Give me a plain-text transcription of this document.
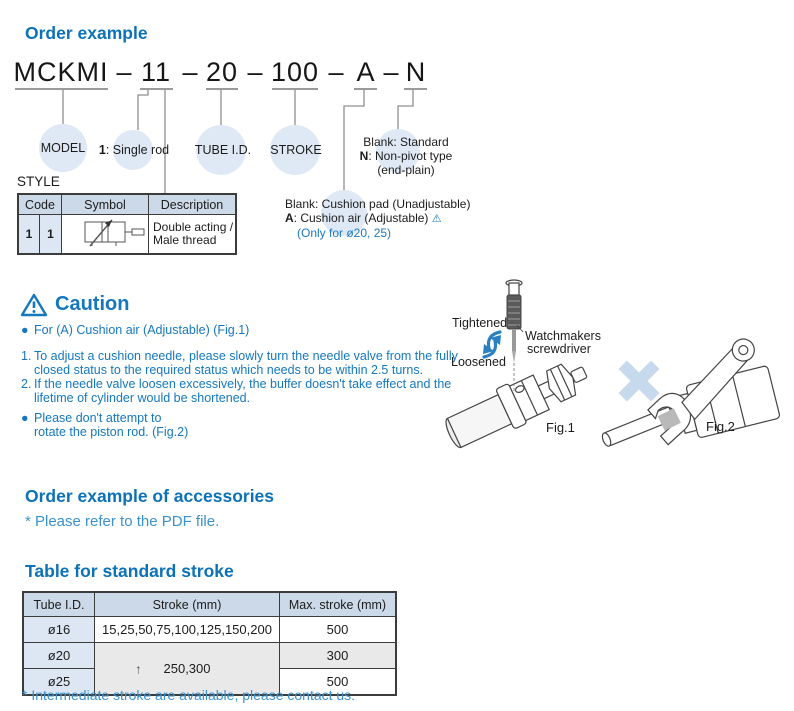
Order example
MCKMI – 11 – 20 – 100 – A – N
MODEL	1: Single rod	TUBE I.D.	STROKE
Blank: Standard
N: Non-pivot type
(end-plain)
Blank: Cushion pad (Unadjustable)
A: Cushion air (Adjustable) ⚠
(Only for ø20, 25)
STYLE
Code		Symbol	Description
1	1		Double acting /
Male thread
Caution
● For (A) Cushion air (Adjustable) (Fig.1)
1. To adjust a cushion needle, please slowly turn the needle valve from the fully
closed status to the required status which needs to be within 2.5 turns.
2. If the needle valve loosen excessively, the buffer doesn't take effect and the
lifetime of cylinder would be shortened.
● Please don't attempt to
rotate the piston rod. (Fig.2)
Tightened
Loosened
Watchmakers
screwdriver
Fig.1	Fig.2
Order example of accessories
* Please refer to the PDF file.
Table for standard stroke
Tube I.D.	Stroke (mm)	Max. stroke (mm)
ø16	15,25,50,75,100,125,150,200	500
ø20	↑ 250,300	300
ø25		500
* Intermediate stroke are available, please contact us.
